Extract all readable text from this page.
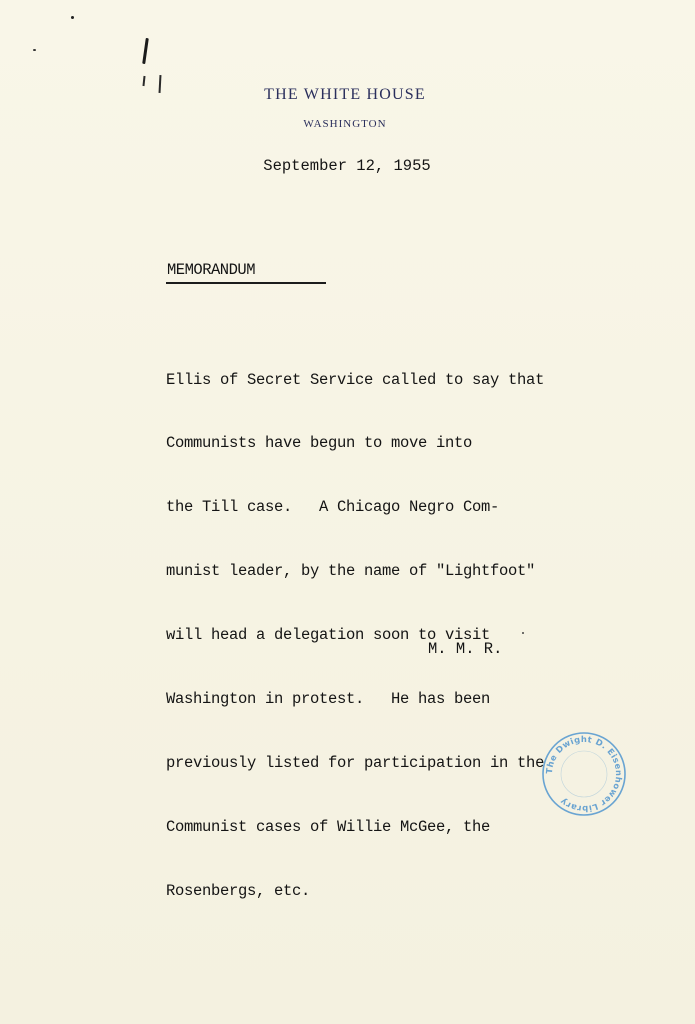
THE WHITE HOUSE
WASHINGTON
September 12, 1955
MEMORANDUM

Ellis of Secret Service called to say that

Communists have begun to move into

the Till case.   A Chicago Negro Com-

munist leader, by the name of "Lightfoot"

will head a delegation soon to visit

Washington in protest.   He has been

previously listed for participation in the

Communist cases of Willie McGee, the

Rosenbergs, etc.

M. M. R.
The Dwight D. Eisenhower Library
